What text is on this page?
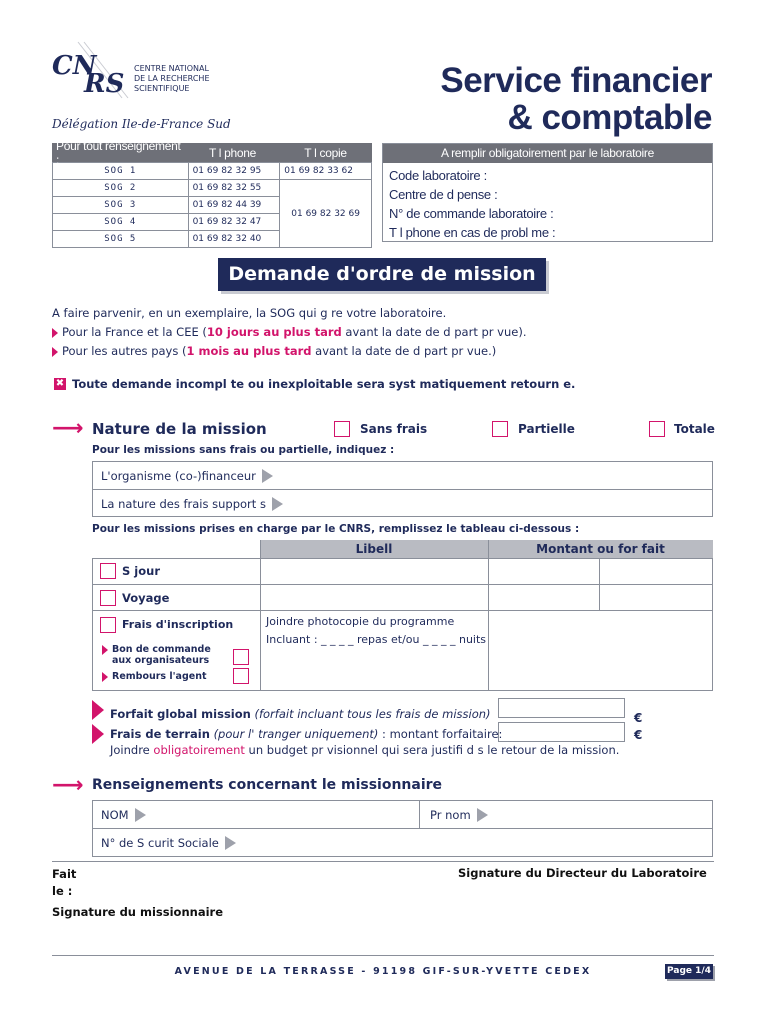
CN
RS
CENTRE NATIONAL
DE LA RECHERCHE
SCIENTIFIQUE
Délégation Ile-de-France Sud
Service financier
& comptable
Pour tout renseignement :	T l phone	T l copie
SOG 1	01 69 82 32 95	01 69 82 33 62
SOG 2	01 69 82 32 55	01 69 82 32 69
SOG 3	01 69 82 44 39	
SOG 4	01 69 82 32 47	
SOG 5	01 69 82 32 40	
A remplir obligatoirement par le laboratoire
Code laboratoire :
Centre de d pense :
N° de commande laboratoire :
T l phone en cas de probl me :
Demande d'ordre de mission
A faire parvenir, en un exemplaire, la SOG qui g re votre laboratoire.
Pour la France et la CEE (10 jours au plus tard avant la date de d part pr vue).
Pour les autres pays (1 mois au plus tard avant la date de d part pr vue.)
✖ Toute demande incompl te ou inexploitable sera syst matiquement retourn e.
⟶ Nature de la mission	Sans frais	Partielle	Totale
Pour les missions sans frais ou partielle, indiquez :
L'organisme (co-)financeur
La nature des frais support s
Pour les missions prises en charge par le CNRS, remplissez le tableau ci-dessous :
Libell	Montant ou for fait
S jour
Voyage
Frais d'inscription	Joindre photocopie du programme
Incluant : _ _ _ _ repas et/ou _ _ _ _ nuits
Bon de commande
aux organisateurs
Rembours l'agent
Forfait global mission (forfait incluant tous les frais de mission)
Frais de terrain (pour l' tranger uniquement) : montant forfaitaire:
Joindre obligatoirement un budget pr visionnel qui sera justifi d s le retour de la mission.
€
€
⟶ Renseignements concernant le missionnaire
NOM	Pr nom
N° de S curit Sociale
Fait
le :
Signature du missionnaire
Signature du Directeur du Laboratoire
AVENUE DE LA TERRASSE - 91198 GIF-SUR-YVETTE CEDEX	Page 1/4
